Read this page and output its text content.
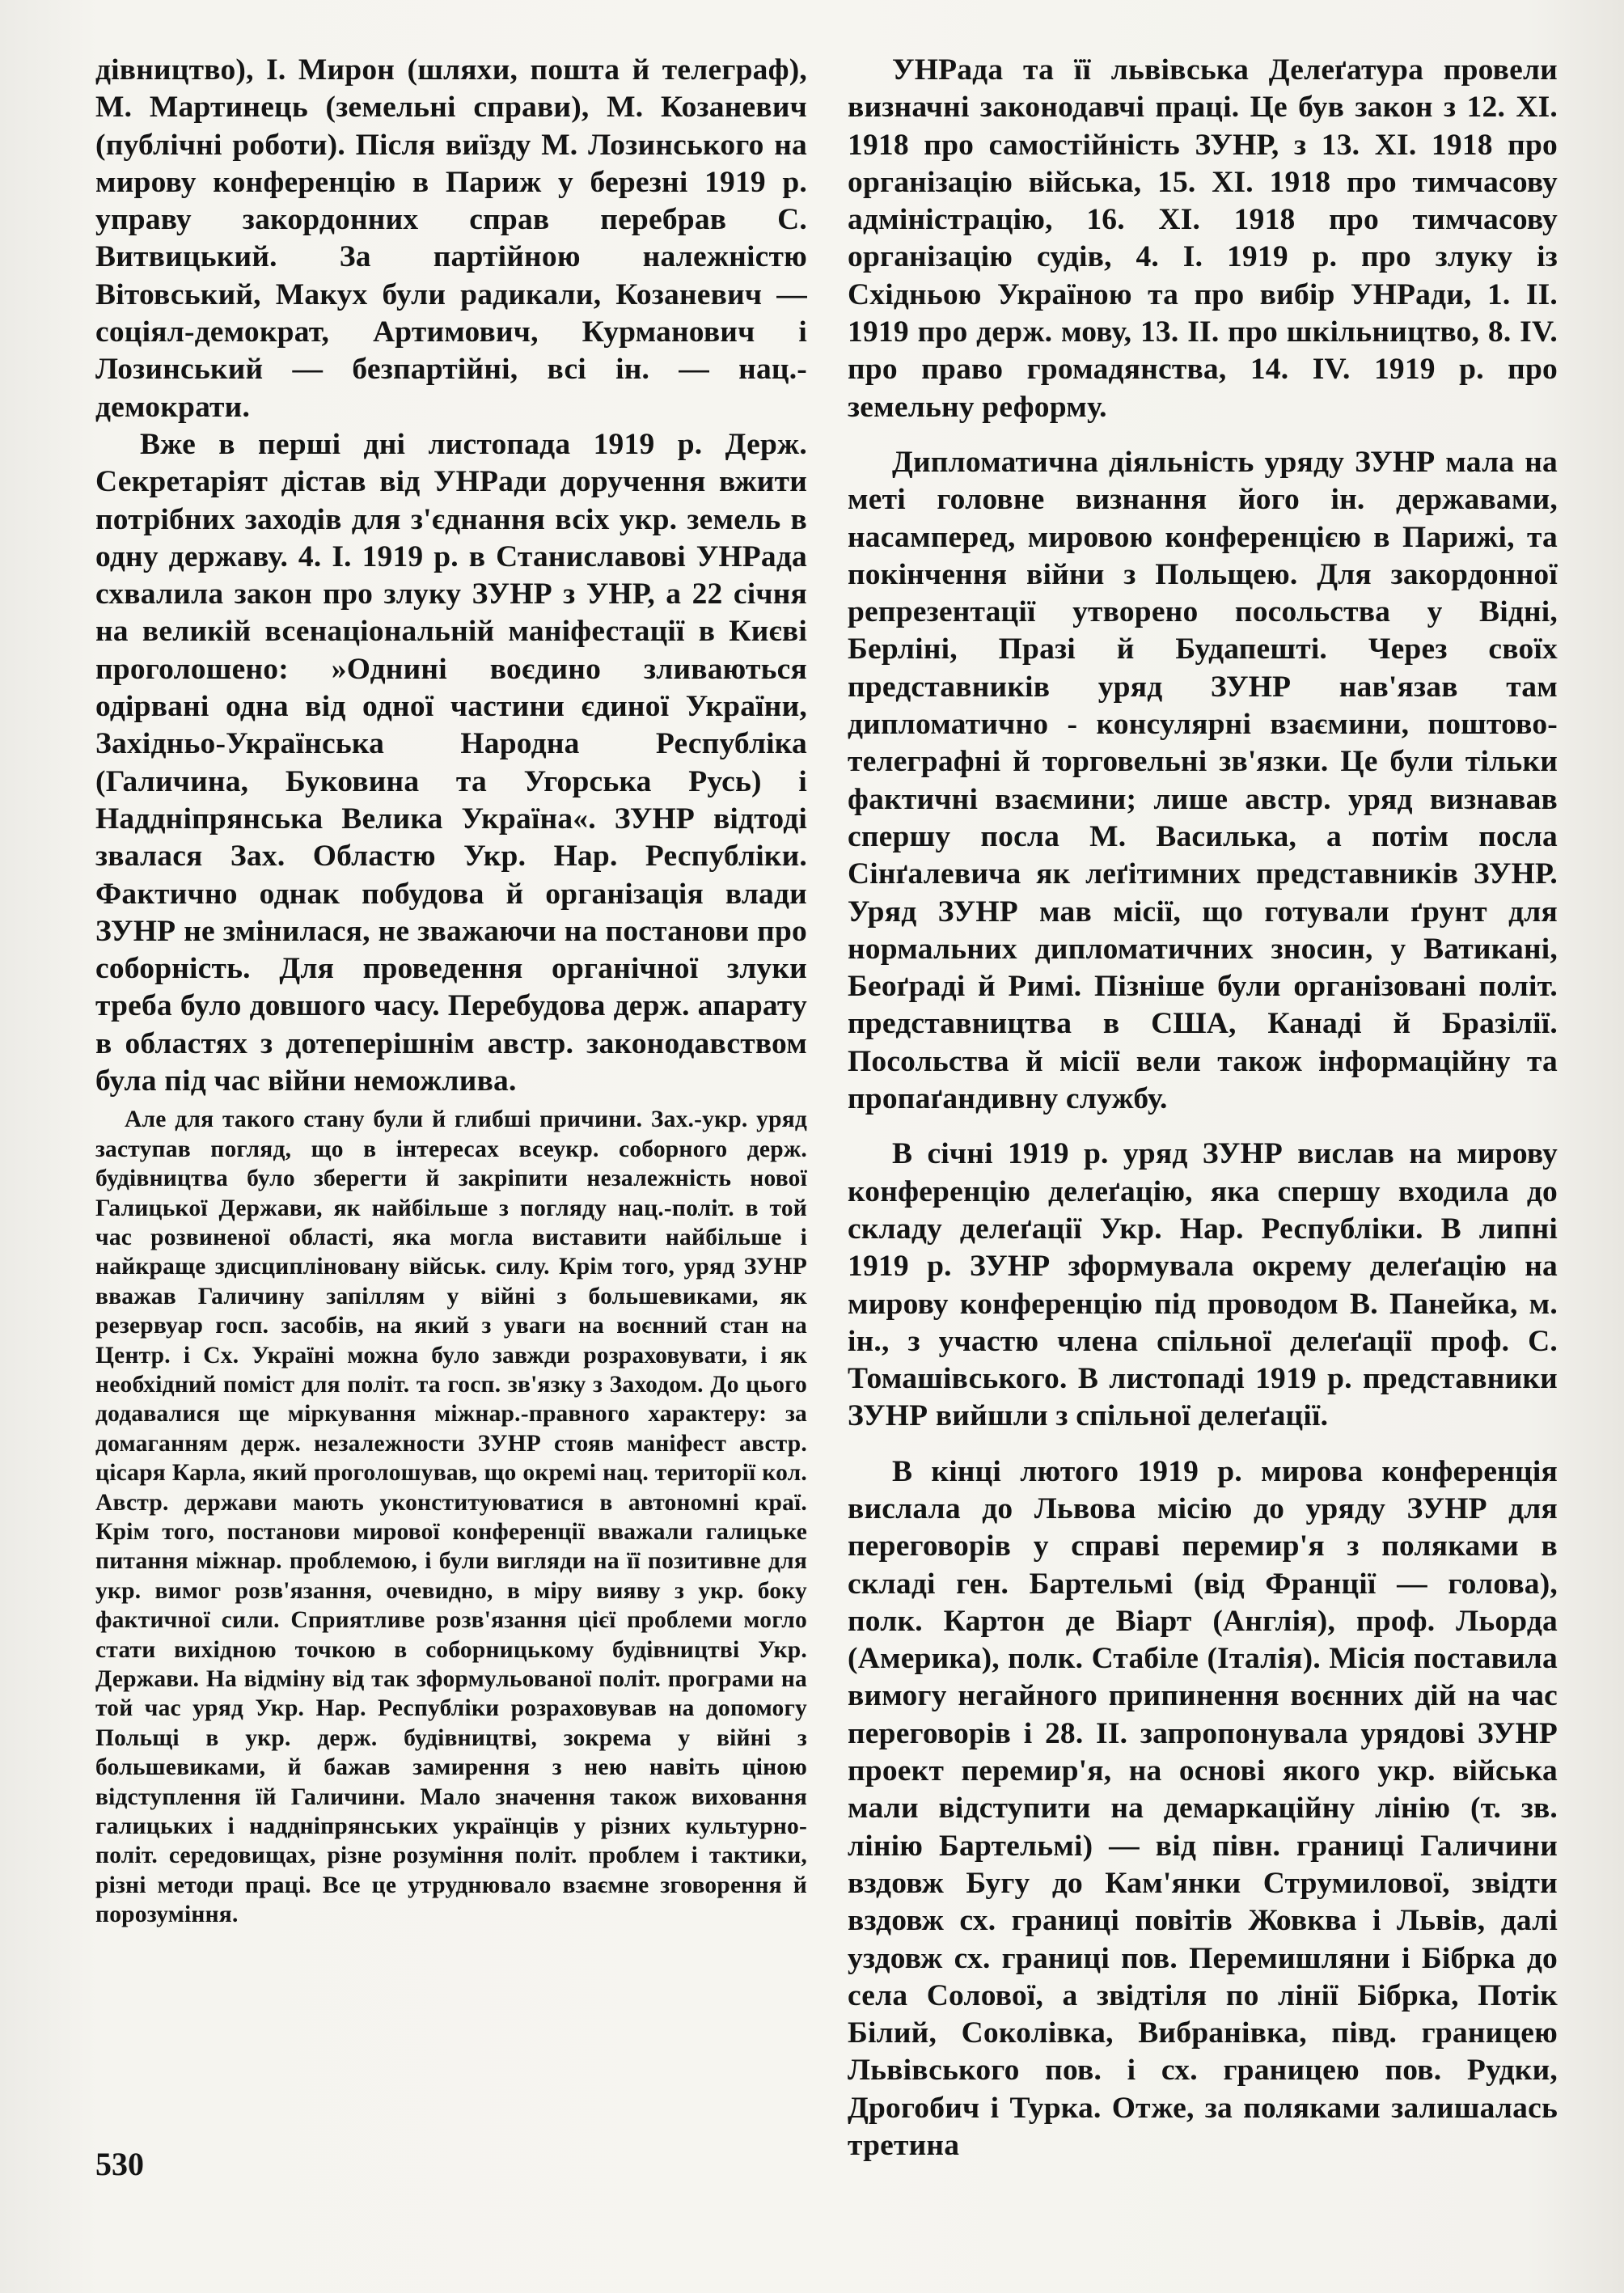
дівництво), І. Мирон (шляхи, пошта й телеграф), М. Мартинець (земельні справи), М. Козаневич (публічні роботи). Після виїзду М. Лозинського на мирову конференцію в Париж у березні 1919 р. управу закордонних справ перебрав С. Витвицький. За партійною належністю Вітовський, Макух були радикали, Козаневич — соціял-демократ, Артимович, Курманович і Лозинський — безпартійні, всі ін. — нац.-демократи.

Вже в перші дні листопада 1919 р. Держ. Секретаріят дістав від УНРади доручення вжити потрібних заходів для з'єднання всіх укр. земель в одну державу. 4. І. 1919 р. в Станиславові УНРада схвалила закон про злуку ЗУНР з УНР, а 22 січня на великій всенаціональній маніфестації в Києві проголошено: »Однині воєдино зливаються одірвані одна від одної частини єдиної України, Західньо-Українська Народна Республіка (Галичина, Буковина та Угорська Русь) і Наддніпрянська Велика Україна«. ЗУНР відтоді звалася Зах. Областю Укр. Нар. Республіки. Фактично однак побудова й організація влади ЗУНР не змінилася, не зважаючи на постанови про соборність. Для проведення органічної злуки треба було довшого часу. Перебудова держ. апарату в областях з дотеперішнім австр. законодавством була під час війни неможлива.

Але для такого стану були й глибші причини. Зах.-укр. уряд заступав погляд, що в інтересах всеукр. соборного держ. будівництва було зберегти й закріпити незалежність нової Галицької Держави, як найбільше з погляду нац.-політ. в той час розвиненої області, яка могла виставити найбільше і найкраще здисципліновану військ. силу. Крім того, уряд ЗУНР вважав Галичину запіллям у війні з большевиками, як резервуар госп. засобів, на який з уваги на воєнний стан на Центр. і Сх. Україні можна було завжди розраховувати, і як необхідний поміст для політ. та госп. зв'язку з Заходом. До цього додавалися ще міркування міжнар.-правного характеру: за домаганням держ. незалежности ЗУНР стояв маніфест австр. цісаря Карла, який проголошував, що окремі нац. території кол. Австр. держави мають уконституюватися в автономні краї. Крім того, постанови мирової конференції вважали галицьке питання міжнар. проблемою, і були вигляди на її позитивне для укр. вимог розв'язання, очевидно, в міру вияву з укр. боку фактичної сили. Сприятливе розв'язання цієї проблеми могло стати вихідною точкою в соборницькому будівництві Укр. Держави. На відміну від так зформульованої політ. програми на той час уряд Укр. Нар. Республіки розраховував на допомогу Польщі в укр. держ. будівництві, зокрема у війні з большевиками, й бажав замирення з нею навіть ціною відступлення їй Галичини. Мало значення також виховання галицьких і наддніпрянських українців у різних культурно-політ. середовищах, різне розуміння політ. проблем і тактики, різні методи праці. Все це утруднювало взаємне зговорення й порозуміння.

УНРада та її львівська Делеґатура провели визначні законодавчі праці. Це був закон з 12. XI. 1918 про самостійність ЗУНР, з 13. XI. 1918 про організацію війська, 15. XI. 1918 про тимчасову адміністрацію, 16. XI. 1918 про тимчасову організацію судів, 4. І. 1919 р. про злуку із Східньою Україною та про вибір УНРади, 1. II. 1919 про держ. мову, 13. II. про шкільництво, 8. IV. про право громадянства, 14. IV. 1919 р. про земельну реформу.

Дипломатична діяльність уряду ЗУНР мала на меті головне визнання його ін. державами, насамперед, мировою конференцією в Парижі, та покінчення війни з Польщею. Для закордонної репрезентації утворено посольства у Відні, Берліні, Празі й Будапешті. Через своїх представників уряд ЗУНР нав'язав там дипломатично - консулярні взаємини, поштово-телеграфні й торговельні зв'язки. Це були тільки фактичні взаємини; лише австр. уряд визнавав спершу посла М. Василька, а потім посла Сінґалевича як леґітимних представників ЗУНР. Уряд ЗУНР мав місії, що готували ґрунт для нормальних дипломатичних зносин, у Ватикані, Беоґраді й Римі. Пізніше були організовані політ. представництва в США, Канаді й Бразілії. Посольства й місії вели також інформаційну та пропаґандивну службу.

В січні 1919 р. уряд ЗУНР вислав на мирову конференцію делеґацію, яка спершу входила до складу делеґації Укр. Нар. Республіки. В липні 1919 р. ЗУНР зформувала окрему делеґацію на мирову конференцію під проводом В. Панейка, м. ін., з участю члена спільної делеґації проф. С. Томашівського. В листопаді 1919 р. представники ЗУНР вийшли з спільної делеґації.

В кінці лютого 1919 р. мирова конференція вислала до Львова місію до уряду ЗУНР для переговорів у справі перемир'я з поляками в складі ген. Бартельмі (від Франції — голова), полк. Картон де Віарт (Англія), проф. Льорда (Америка), полк. Стабіле (Італія). Місія поставила вимогу негайного припинення воєнних дій на час переговорів і 28. II. запропонувала урядові ЗУНР проект перемир'я, на основі якого укр. війська мали відступити на демаркаційну лінію (т. зв. лінію Бартельмі) — від півн. границі Галичини вздовж Бугу до Кам'янки Струмилової, звідти вздовж сх. границі повітів Жовква і Львів, далі уздовж сх. границі пов. Перемишляни і Бібрка до села Солової, а звідтіля по лінії Бібрка, Потік Білий, Соколівка, Вибранівка, півд. границею Львівського пов. і сх. границею пов. Рудки, Дрогобич і Турка. Отже, за поляками залишалась третина

530
